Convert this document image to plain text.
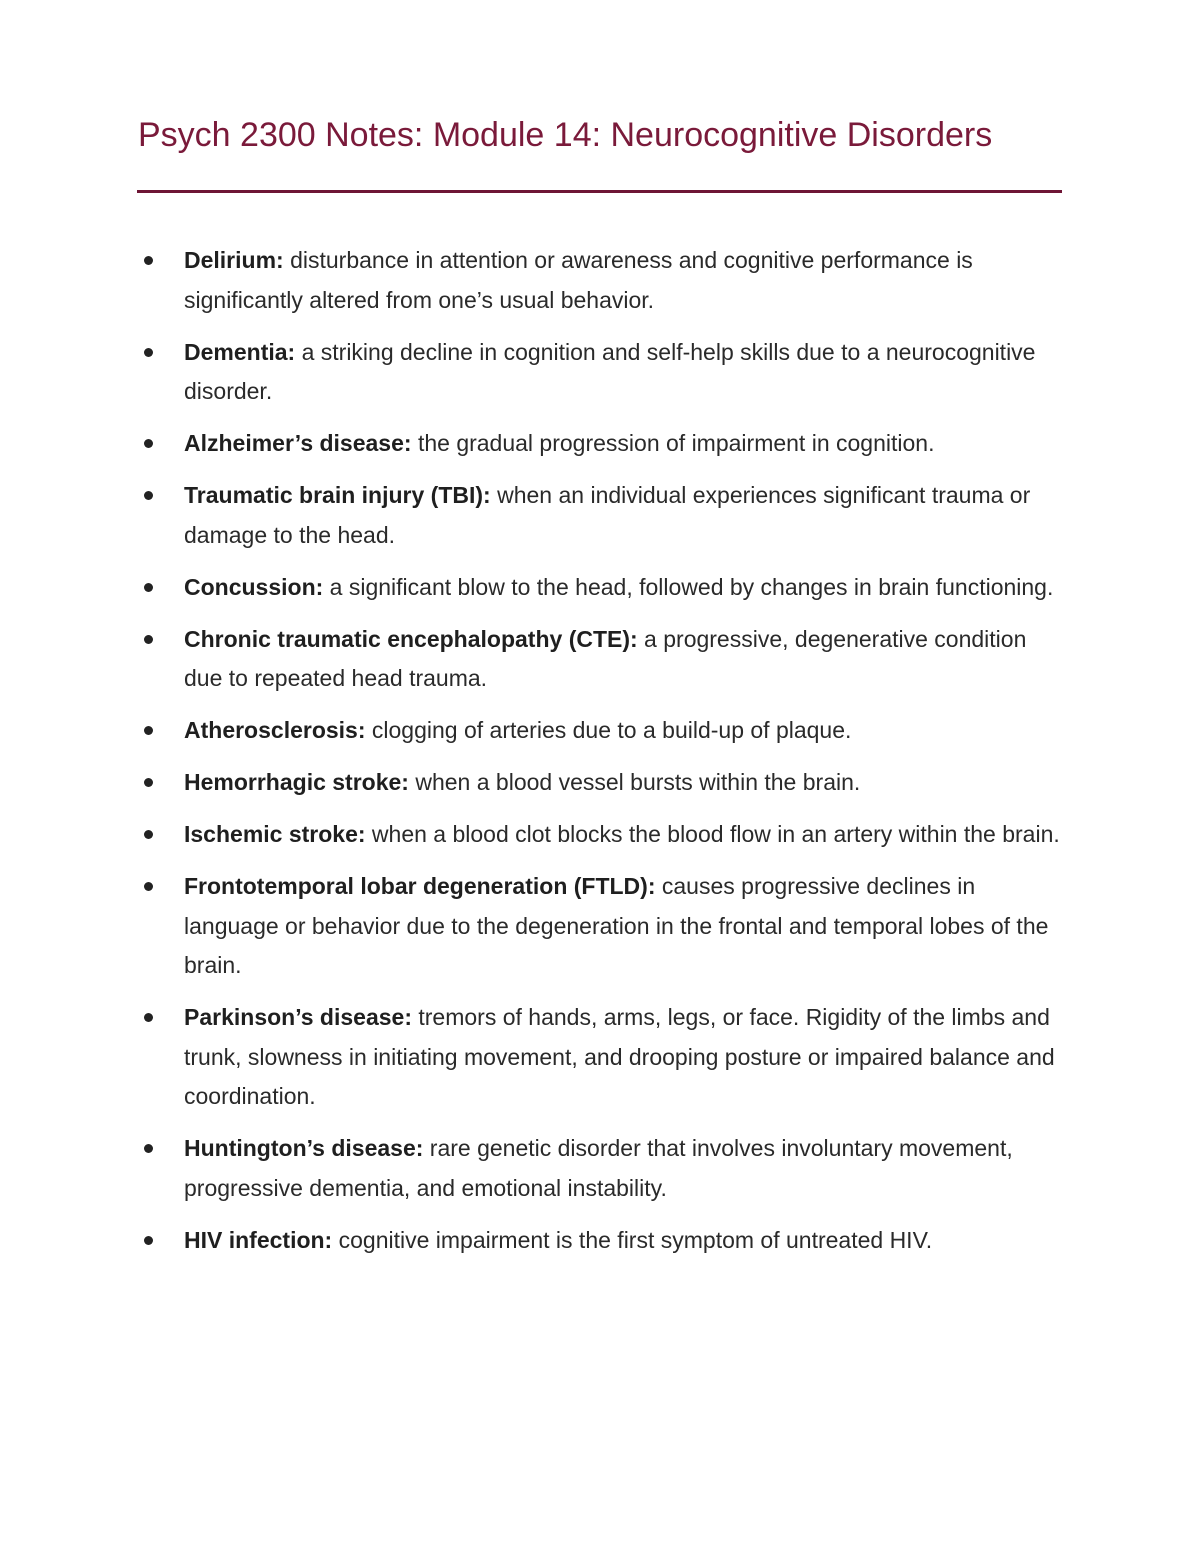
Psych 2300 Notes: Module 14: Neurocognitive Disorders
Delirium: disturbance in attention or awareness and cognitive performance is significantly altered from one’s usual behavior.
Dementia: a striking decline in cognition and self-help skills due to a neurocognitive disorder.
Alzheimer’s disease: the gradual progression of impairment in cognition.
Traumatic brain injury (TBI): when an individual experiences significant trauma or damage to the head.
Concussion: a significant blow to the head, followed by changes in brain functioning.
Chronic traumatic encephalopathy (CTE): a progressive, degenerative condition due to repeated head trauma.
Atherosclerosis: clogging of arteries due to a build-up of plaque.
Hemorrhagic stroke: when a blood vessel bursts within the brain.
Ischemic stroke: when a blood clot blocks the blood flow in an artery within the brain.
Frontotemporal lobar degeneration (FTLD): causes progressive declines in language or behavior due to the degeneration in the frontal and temporal lobes of the brain.
Parkinson’s disease: tremors of hands, arms, legs, or face. Rigidity of the limbs and trunk, slowness in initiating movement, and drooping posture or impaired balance and coordination.
Huntington’s disease: rare genetic disorder that involves involuntary movement, progressive dementia, and emotional instability.
HIV infection: cognitive impairment is the first symptom of untreated HIV.
